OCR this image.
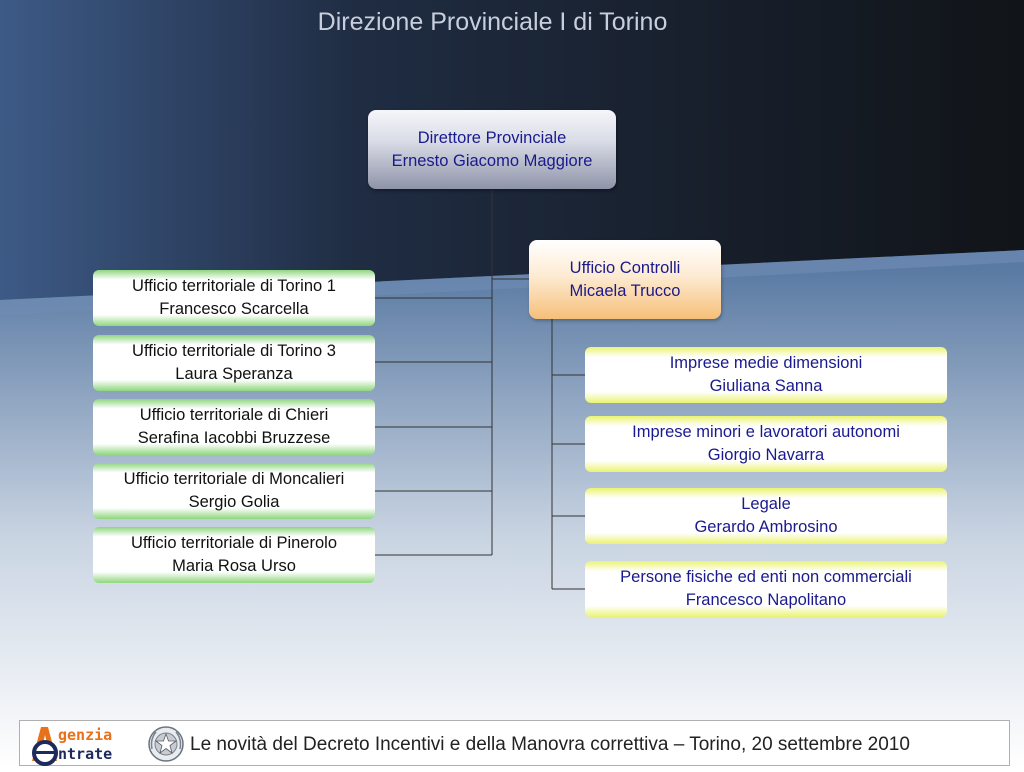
Direzione Provinciale I di Torino
Direttore Provinciale
Ernesto Giacomo Maggiore
Ufficio Controlli
Micaela Trucco
Ufficio territoriale di Torino 1
Francesco Scarcella
Ufficio territoriale di Torino 3
Laura Speranza
Ufficio territoriale di Chieri
Serafina Iacobbi Bruzzese
Ufficio territoriale di Moncalieri
Sergio Golia
Ufficio territoriale di Pinerolo
Maria Rosa Urso
Imprese medie dimensioni
Giuliana Sanna
Imprese minori e lavoratori autonomi
Giorgio Navarra
Legale
Gerardo Ambrosino
Persone fisiche ed enti non commerciali
Francesco Napolitano
genzia
ntrate	Le novità del Decreto Incentivi e della Manovra correttiva – Torino, 20 settembre 2010
